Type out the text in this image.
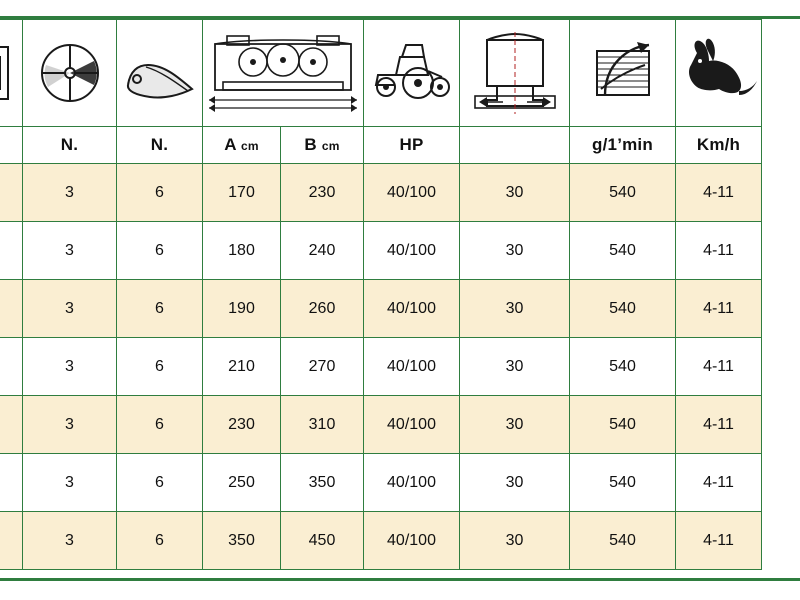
	N.	N.	A cm	B cm	HP		g/1’min	Km/h
	3	6	170	230	40/100	30	540	4-11
	3	6	180	240	40/100	30	540	4-11
	3	6	190	260	40/100	30	540	4-11
	3	6	210	270	40/100	30	540	4-11
	3	6	230	310	40/100	30	540	4-11
	3	6	250	350	40/100	30	540	4-11
	3	6	350	450	40/100	30	540	4-11
